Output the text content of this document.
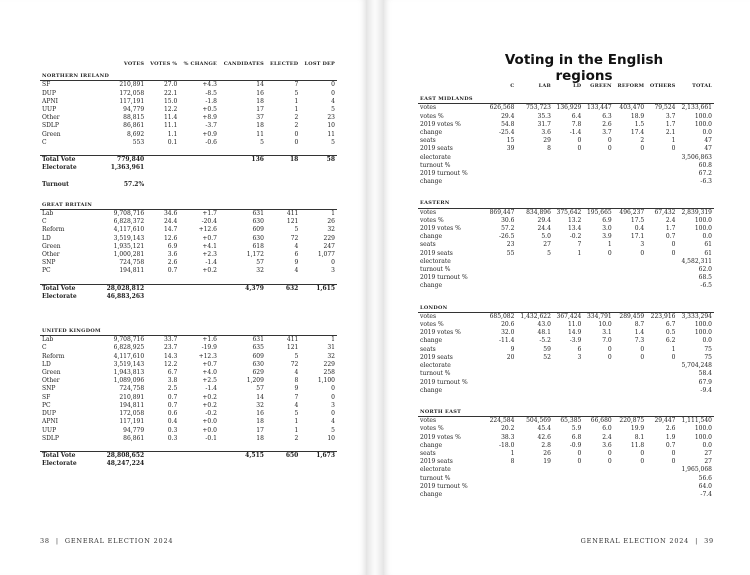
	VOTES	VOTES %	% CHANGE	CANDIDATES	ELECTED	LOST DEP
NORTHERN IRELAND						
SF	210,891	27.0	+4.3	14	7	0
DUP	172,058	22.1	-8.5	16	5	0
APNI	117,191	15.0	-1.8	18	1	4
UUP	94,779	12.2	+0.5	17	1	5
Other	88,815	11.4	+8.9	37	2	23
SDLP	86,861	11.1	-3.7	18	2	10
Green	8,692	1.1	+0.9	11	0	11
C	553	0.1	-0.6	5	0	5

Total Vote	779,840			136	18	58
Electorate	1,363,961					

Turnout	57.2%					

GREAT BRITAIN						
Lab	9,708,716	34.6	+1.7	631	411	1
C	6,828,372	24.4	-20.4	630	121	26
Reform	4,117,610	14.7	+12.6	609	5	32
LD	3,519,143	12.6	+0.7	630	72	229
Green	1,935,121	6.9	+4.1	618	4	247
Other	1,000,281	3.6	+2.3	1,172	6	1,077
SNP	724,758	2.6	-1.4	57	9	0
PC	194,811	0.7	+0.2	32	4	3

Total Vote	28,028,812			4,379	632	1,615
Electorate	46,883,263					

UNITED KINGDOM						
Lab	9,708,716	33.7	+1.6	631	411	1
C	6,828,925	23.7	-19.9	635	121	31
Reform	4,117,610	14.3	+12.3	609	5	32
LD	3,519,143	12.2	+0.7	630	72	229
Green	1,943,813	6.7	+4.0	629	4	258
Other	1,089,096	3.8	+2.5	1,209	8	1,100
SNP	724,758	2.5	-1.4	57	9	0
SF	210,891	0.7	+0.2	14	7	0
PC	194,811	0.7	+0.2	32	4	3
DUP	172,058	0.6	-0.2	16	5	0
APNI	117,191	0.4	+0.0	18	1	4
UUP	94,779	0.3	+0.0	17	1	5
SDLP	86,861	0.3	-0.1	18	2	10

Total Vote	28,808,652			4,515	650	1,673
Electorate	48,247,224					
38 | GENERAL ELECTION 2024
Voting in the English regions
	C	LAB	LD	GREEN	REFORM	OTHERS	TOTAL
EAST MIDLANDS							
votes	626,568	753,723	136,929	133,447	403,470	79,524	2,133,661
votes %	29.4	35.3	6.4	6.3	18.9	3.7	100.0
2019 votes %	54.8	31.7	7.8	2.6	1.5	1.7	100.0
change	-25.4	3.6	-1.4	3.7	17.4	2.1	0.0
seats	15	29	0	0	2	1	47
2019 seats	39	8	0	0	0	0	47
electorate							3,506,863
turnout %							60.8
2019 turnout %							67.2
change							-6.3

EASTERN							
votes	869,447	834,896	375,642	195,665	496,237	67,432	2,839,319
votes %	30.6	29.4	13.2	6.9	17.5	2.4	100.0
2019 votes %	57.2	24.4	13.4	3.0	0.4	1.7	100.0
change	-26.5	5.0	-0.2	3.9	17.1	0.7	0.0
seats	23	27	7	1	3	0	61
2019 seats	55	5	1	0	0	0	61
electorate							4,582,311
turnout %							62.0
2019 turnout %							68.5
change							-6.5

LONDON							
votes	685,082	1,432,622	367,424	334,791	289,459	223,916	3,333,294
votes %	20.6	43.0	11.0	10.0	8.7	6.7	100.0
2019 votes %	32.0	48.1	14.9	3.1	1.4	0.5	100.0
change	-11.4	-5.2	-3.9	7.0	7.3	6.2	0.0
seats	9	59	6	0	0	1	75
2019 seats	20	52	3	0	0	0	75
electorate							5,704,248
turnout %							58.4
2019 turnout %							67.9
change							-9.4

NORTH EAST							
votes	224,584	504,569	65,385	66,680	220,875	29,447	1,111,540
votes %	20.2	45.4	5.9	6.0	19.9	2.6	100.0
2019 votes %	38.3	42.6	6.8	2.4	8.1	1.9	100.0
change	-18.0	2.8	-0.9	3.6	11.8	0.7	0.0
seats	1	26	0	0	0	0	27
2019 seats	8	19	0	0	0	0	27
electorate							1,965,068
turnout %							56.6
2019 turnout %							64.0
change							-7.4
GENERAL ELECTION 2024 | 39
